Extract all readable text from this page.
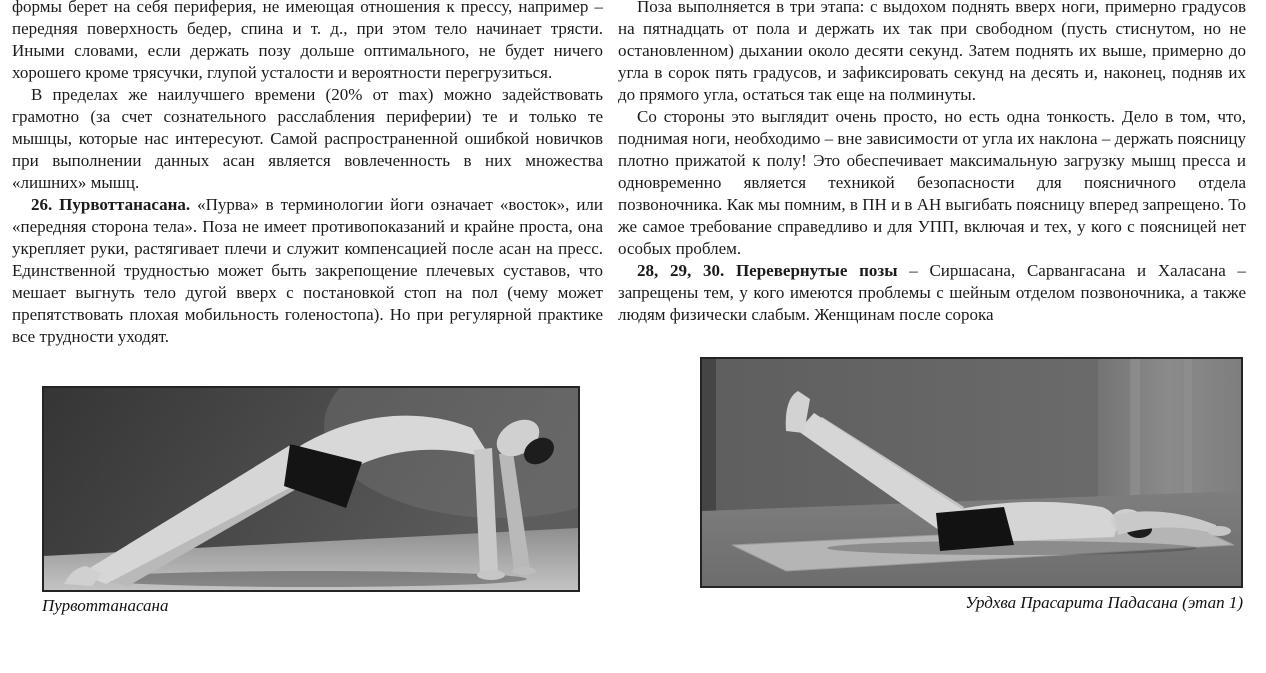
формы берет на себя периферия, не имеющая отношения к прессу, например – передняя поверхность бедер, спина и т. д., при этом тело начинает трясти. Иными словами, если держать позу дольше оптимального, не будет ничего хорошего кроме трясучки, глупой усталости и вероятности перегрузиться.

В пределах же наилучшего времени (20% от max) можно задействовать грамотно (за счет сознательного расслабления периферии) те и только те мышцы, которые нас интересуют. Самой распространенной ошибкой новичков при выполнении данных асан является вовлеченность в них множества «лишних» мышц.

26. Пурвоттанасана. «Пурва» в терминологии йоги означает «восток», или «передняя сторона тела». Поза не имеет противопоказаний и крайне проста, она укрепляет руки, растягивает плечи и служит компенсацией после асан на пресс. Единственной трудностью может быть закрепощение плечевых суставов, что мешает выгнуть тело дугой вверх с постановкой стоп на пол (чему может препятствовать плохая мобильность голеностопа). Но при регулярной практике все трудности уходят.

Поза выполняется в три этапа: с выдохом поднять вверх ноги, примерно градусов на пятнадцать от пола и держать их так при свободном (пусть стиснутом, но не остановленном) дыхании около десяти секунд. Затем поднять их выше, примерно до угла в сорок пять градусов, и зафиксировать секунд на десять и, наконец, подняв их до прямого угла, остаться так еще на полминуты.

Со стороны это выглядит очень просто, но есть одна тонкость. Дело в том, что, поднимая ноги, необходимо – вне зависимости от угла их наклона – держать поясницу плотно прижатой к полу! Это обеспечивает максимальную загрузку мышц пресса и одновременно является техникой безопасности для поясничного отдела позвоночника. Как мы помним, в ПН и в АН выгибать поясницу вперед запрещено. То же самое требование справедливо и для УПП, включая и тех, у кого с поясницей нет особых проблем.

28, 29, 30. Перевернутые позы – Сиршасана, Сарвангасана и Халасана – запрещены тем, у кого имеются проблемы с шейным отделом позвоночника, а также людям физически слабым. Женщинам после сорока

Пурвоттанасана	Урдхва Прасарита Падасана (этап 1)
